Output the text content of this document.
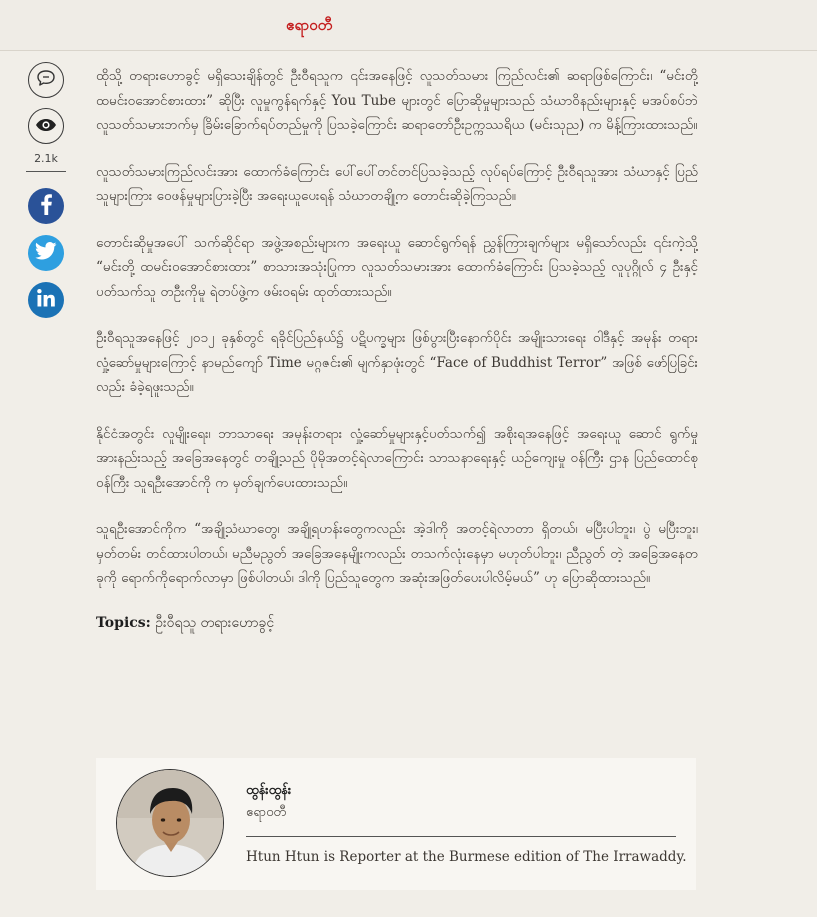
ဧရာဝတီ
2.1k

ထိုသို့ တရားဟောခွင့် မရှိသေးချိန်တွင် ဦးဝီရသူက ၎င်းအနေဖြင့် လူသတ်သမား ကြည်လင်း၏ ဆရာဖြစ်ကြောင်း၊ “မင်းတို့ ထမင်းဝအောင်စားထား” ဆိုပြီး လူမှုကွန်ရက်နှင့် You Tube များတွင် ပြောဆိုမှုများသည် သံဃာဝိနည်းများနှင့် မအပ်စပ်ဘဲ လူသတ်သမားဘက်မှ ခြိမ်းခြောက်ရပ်တည်မှုကို ပြသခဲ့ကြောင်း ဆရာတော်ဦးဥက္ကဿရိယ (မင်းသုည) က မိန့်ကြားထားသည်။

လူသတ်သမားကြည်လင်းအား ထောက်ခံကြောင်း ပေါ်ပေါ်တင်တင်ပြသခဲ့သည့် လုပ်ရပ်ကြောင့် ဦးဝီရသူအား သံဃာနှင့် ပြည်သူများကြား ဝေဖန်မှုများပြားခဲ့ပြီး အရေးယူပေးရန် သံဃာတချို့က တောင်းဆိုခဲ့ကြသည်။

တောင်းဆိုမှုအပေါ် သက်ဆိုင်ရာ အဖွဲ့အစည်းများက အရေးယူ ဆောင်ရွက်ရန် ညွှန်ကြားချက်များ မရှိသော်လည်း ၎င်းကဲ့သို့ “မင်းတို့ ထမင်းဝအောင်စားထား” စာသားအသုံးပြုကာ လူသတ်သမားအား ထောက်ခံကြောင်း ပြသခဲ့သည့် လူပုဂ္ဂိုလ် ၄ ဦးနှင့် ပတ်သက်သူ တဦးကိုမူ ရဲတပ်ဖွဲ့က ဖမ်းဝရမ်း ထုတ်ထားသည်။

ဦးဝီရသူအနေဖြင့် ၂၀၁၂ ခုနှစ်တွင် ရခိုင်ပြည်နယ်၌ ပဋိပက္ခများ ဖြစ်ပွားပြီးနောက်ပိုင်း အမျိုးသားရေး ဝါဒီနှင့် အမုန်း တရား လှုံ့ဆော်မှုများကြောင့် နာမည်ကျော် Time မဂ္ဂဇင်း၏ မျက်နှာဖုံးတွင် “Face of Buddhist Terror” အဖြစ် ဖော်ပြခြင်းလည်း ခံခဲ့ရဖူးသည်။

နိုင်ငံအတွင်း လူမျိုးရေး၊ ဘာသာရေး အမုန်းတရား လှုံ့ဆော်မှုများနှင့်ပတ်သက်၍ အစိုးရအနေဖြင့် အရေးယူ ဆောင် ရွက်မှု အားနည်းသည့် အခြေအနေတွင် တချို့သည် ပိုမိုအတင့်ရဲလာကြောင်း သာသနာရေးနှင့် ယဉ်ကျေးမှု ဝန်ကြီး ဌာန ပြည်ထောင်စု ဝန်ကြီး သူရဦးအောင်ကို က မှတ်ချက်ပေးထားသည်။

သူရဦးအောင်ကိုက “အချို့သံဃာတွေ၊ အချို့ရဟန်းတွေကလည်း အဲ့ဒါကို အတင့်ရဲလာတာ ရှိတယ်၊ မပြီးပါဘူး၊ ပွဲ မပြီးဘူး၊ မှတ်တမ်း တင်ထားပါတယ်၊ မညီမညွတ် အခြေအနေမျိုးကလည်း တသက်လုံးနေမှာ မဟုတ်ပါဘူး၊ ညီညွတ် တဲ့ အခြေအနေတခုကို ရောက်ကိုရောက်လာမှာ ဖြစ်ပါတယ်၊ ဒါကို ပြည်သူတွေက အဆုံးအဖြတ်ပေးပါလိမ့်မယ်” ဟု ပြောဆိုထားသည်။

Topics: ဦးဝီရသူ တရားဟောခွင့်
ထွန်းထွန်း
ဧရာဝတီ
Htun Htun is Reporter at the Burmese edition of The Irrawaddy.
